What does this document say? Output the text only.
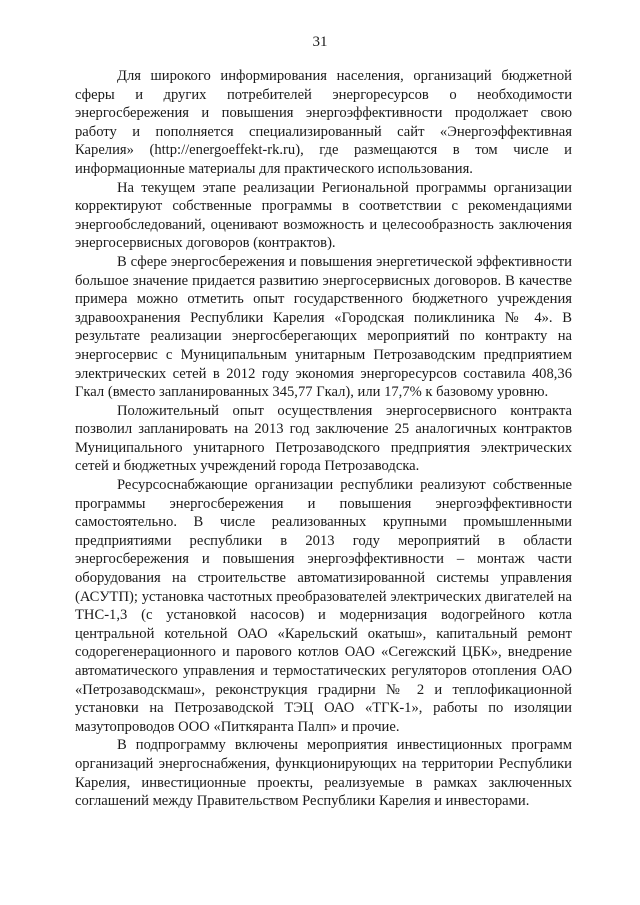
31

Для широкого информирования населения, организаций бюджетной сферы и других потребителей энергоресурсов о необходимости энергосбережения и повышения энергоэффективности продолжает свою работу и пополняется специализированный сайт «Энергоэффективная Карелия» (http://energoeffekt-rk.ru), где размещаются в том числе и информационные материалы для практического использования.

На текущем этапе реализации Региональной программы организации корректируют собственные программы в соответствии с рекомендациями энергообследований, оценивают возможность и целесообразность заключения энергосервисных договоров (контрактов).

В сфере энергосбережения и повышения энергетической эффективности большое значение придается развитию энергосервисных договоров. В качестве примера можно отметить опыт государственного бюджетного учреждения здравоохранения Республики Карелия «Городская поликлиника № 4». В результате реализации энергосберегающих мероприятий по контракту на энергосервис с Муниципальным унитарным Петрозаводским предприятием электрических сетей в 2012 году экономия энергоресурсов составила 408,36 Гкал (вместо запланированных 345,77 Гкал), или 17,7% к базовому уровню.

Положительный опыт осуществления энергосервисного контракта позволил запланировать на 2013 год заключение 25 аналогичных контрактов Муниципального унитарного Петрозаводского предприятия электрических сетей и бюджетных учреждений города Петрозаводска.

Ресурсоснабжающие организации республики реализуют собственные программы энергосбережения и повышения энергоэффективности самостоятельно. В числе реализованных крупными промышленными предприятиями республики в 2013 году мероприятий в области энергосбережения и повышения энергоэффективности – монтаж части оборудования на строительстве автоматизированной системы управления (АСУТП); установка частотных преобразователей электрических двигателей на ТНС-1,3 (с установкой насосов) и модернизация водогрейного котла центральной котельной ОАО «Карельский окатыш», капитальный ремонт содорегенерационного и парового котлов ОАО «Сегежский ЦБК», внедрение автоматического управления и термостатических регуляторов отопления ОАО «Петрозаводскмаш», реконструкция градирни № 2 и теплофикационной установки на Петрозаводской ТЭЦ ОАО «ТГК-1», работы по изоляции мазутопроводов ООО «Питкяранта Палп» и прочие.

В подпрограмму включены мероприятия инвестиционных программ организаций энергоснабжения, функционирующих на территории Республики Карелия, инвестиционные проекты, реализуемые в рамках заключенных соглашений между Правительством Республики Карелия и инвесторами.
